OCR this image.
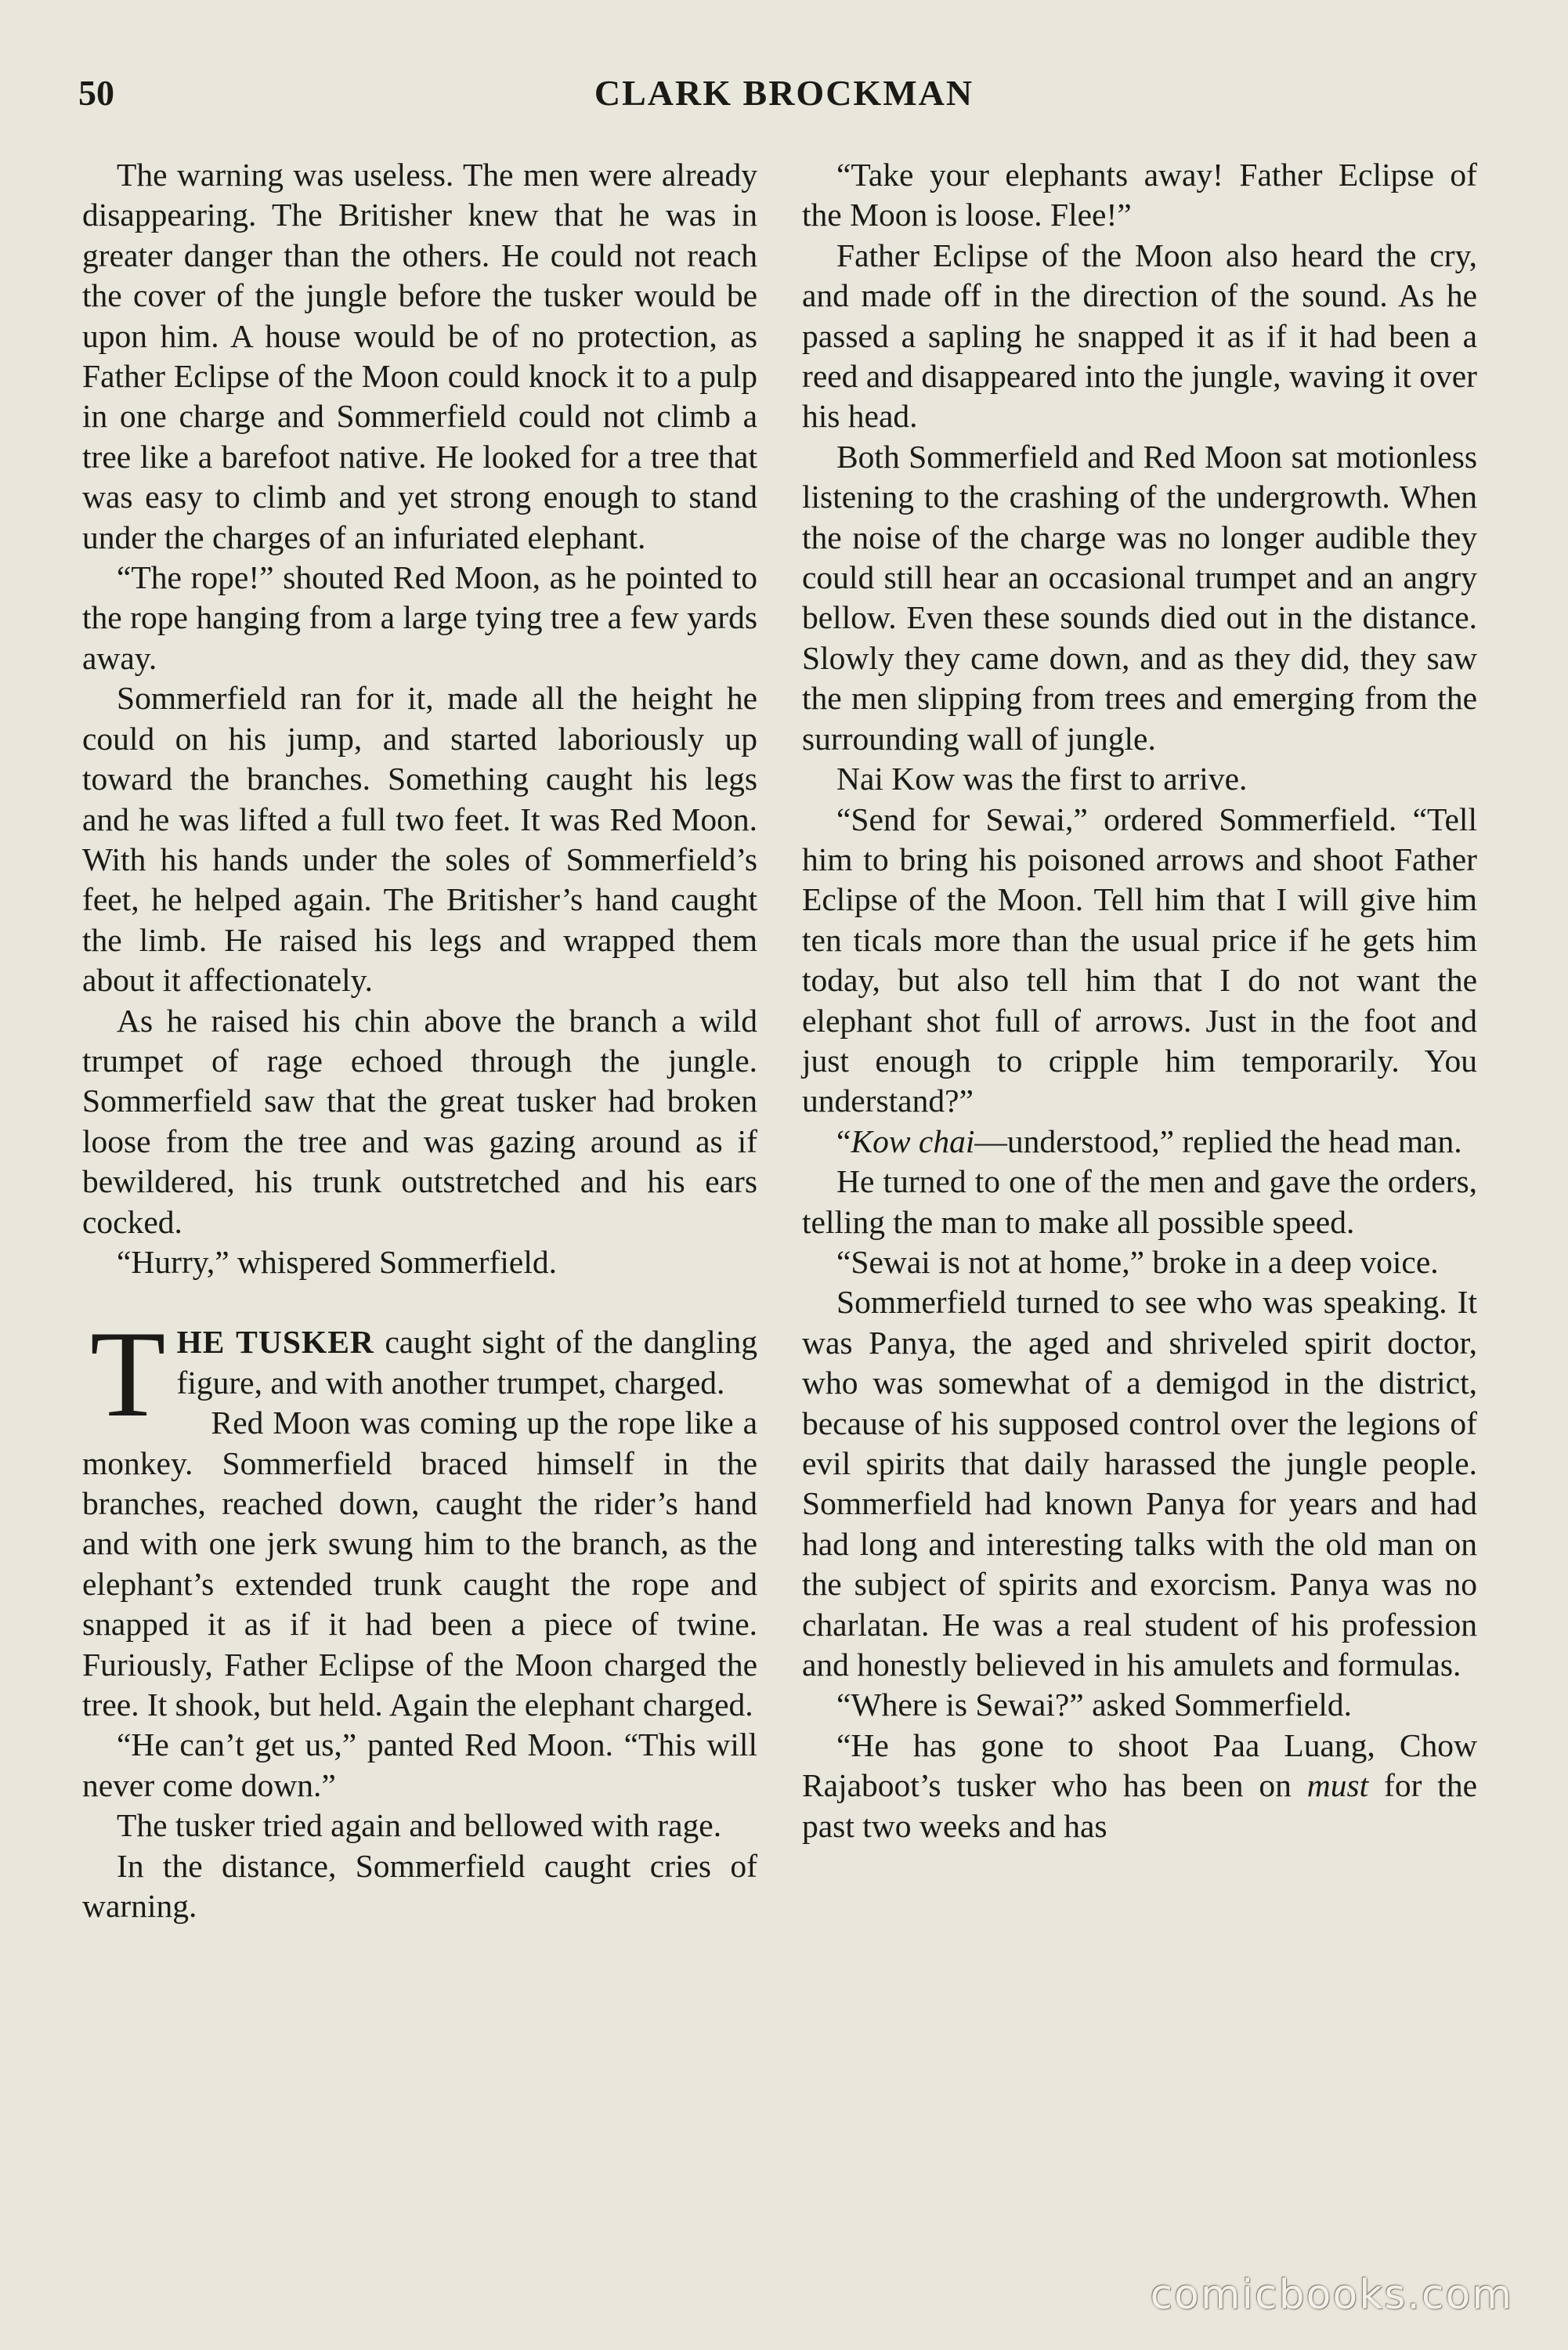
50	CLARK BROCKMAN

The warning was useless. The men were already disappearing. The Britisher knew that he was in greater danger than the others. He could not reach the cover of the jungle before the tusker would be upon him. A house would be of no protection, as Father Eclipse of the Moon could knock it to a pulp in one charge and Sommerfield could not climb a tree like a barefoot native. He looked for a tree that was easy to climb and yet strong enough to stand under the charges of an infuriated elephant.

“The rope!” shouted Red Moon, as he pointed to the rope hanging from a large tying tree a few yards away.

Sommerfield ran for it, made all the height he could on his jump, and started laboriously up toward the branches. Something caught his legs and he was lifted a full two feet. It was Red Moon. With his hands under the soles of Sommerfield’s feet, he helped again. The Britisher’s hand caught the limb. He raised his legs and wrapped them about it affectionately.

As he raised his chin above the branch a wild trumpet of rage echoed through the jungle. Sommerfield saw that the great tusker had broken loose from the tree and was gazing around as if bewildered, his trunk outstretched and his ears cocked.

“Hurry,” whispered Sommerfield.

THE TUSKER caught sight of the dangling figure, and with another trumpet, charged.

Red Moon was coming up the rope like a monkey. Sommerfield braced himself in the branches, reached down, caught the rider’s hand and with one jerk swung him to the branch, as the elephant’s extended trunk caught the rope and snapped it as if it had been a piece of twine. Furiously, Father Eclipse of the Moon charged the tree. It shook, but held. Again the elephant charged.

“He can’t get us,” panted Red Moon. “This will never come down.”

The tusker tried again and bellowed with rage.

In the distance, Sommerfield caught cries of warning.

“Take your elephants away! Father Eclipse of the Moon is loose. Flee!”

Father Eclipse of the Moon also heard the cry, and made off in the direction of the sound. As he passed a sapling he snapped it as if it had been a reed and disappeared into the jungle, waving it over his head.

Both Sommerfield and Red Moon sat motionless listening to the crashing of the undergrowth. When the noise of the charge was no longer audible they could still hear an occasional trumpet and an angry bellow. Even these sounds died out in the distance. Slowly they came down, and as they did, they saw the men slipping from trees and emerging from the surrounding wall of jungle.

Nai Kow was the first to arrive.

“Send for Sewai,” ordered Sommerfield. “Tell him to bring his poisoned arrows and shoot Father Eclipse of the Moon. Tell him that I will give him ten ticals more than the usual price if he gets him today, but also tell him that I do not want the elephant shot full of arrows. Just in the foot and just enough to cripple him temporarily. You understand?”

“Kow chai—understood,” replied the head man.

He turned to one of the men and gave the orders, telling the man to make all possible speed.

“Sewai is not at home,” broke in a deep voice.

Sommerfield turned to see who was speaking. It was Panya, the aged and shriveled spirit doctor, who was somewhat of a demigod in the district, because of his supposed control over the legions of evil spirits that daily harassed the jungle people. Sommerfield had known Panya for years and had had long and interesting talks with the old man on the subject of spirits and exorcism. Panya was no charlatan. He was a real student of his profession and honestly believed in his amulets and formulas.

“Where is Sewai?” asked Sommerfield.

“He has gone to shoot Paa Luang, Chow Rajaboot’s tusker who has been on must for the past two weeks and has

comicbooks.com
